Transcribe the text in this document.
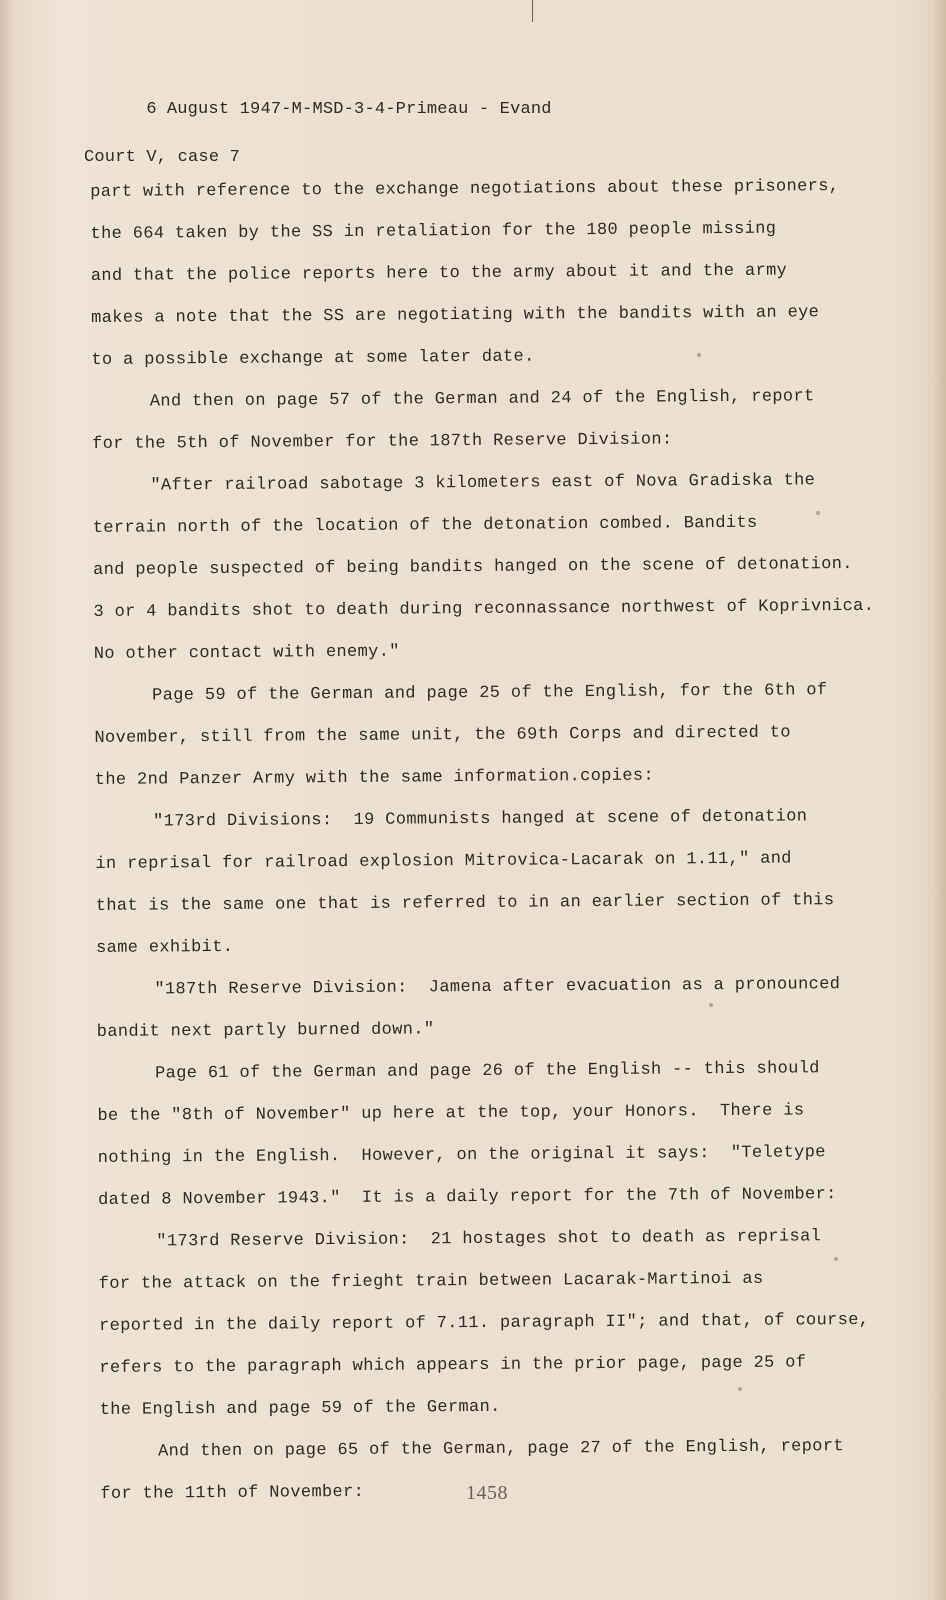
6 August 1947-M-MSD-3-4-Primeau - Evand

Court V, case 7
part with reference to the exchange negotiations about these prisoners,
the 664 taken by the SS in retaliation for the 180 people missing
and that the police reports here to the army about it and the army
makes a note that the SS are negotiating with the bandits with an eye
to a possible exchange at some later date.
And then on page 57 of the German and 24 of the English, report
for the 5th of November for the 187th Reserve Division:
"After railroad sabotage 3 kilometers east of Nova Gradiska the
terrain north of the location of the detonation combed. Bandits
and people suspected of being bandits hanged on the scene of detonation.
3 or 4 bandits shot to death during reconnassance northwest of Koprivnica.
No other contact with enemy."
Page 59 of the German and page 25 of the English, for the 6th of
November, still from the same unit, the 69th Corps and directed to
the 2nd Panzer Army with the same information.copies:
"173rd Divisions:  19 Communists hanged at scene of detonation
in reprisal for railroad explosion Mitrovica-Lacarak on 1.11," and
that is the same one that is referred to in an earlier section of this
same exhibit.
"187th Reserve Division:  Jamena after evacuation as a pronounced
bandit next partly burned down."
Page 61 of the German and page 26 of the English -- this should
be the "8th of November" up here at the top, your Honors.  There is
nothing in the English.  However, on the original it says:  "Teletype
dated 8 November 1943."  It is a daily report for the 7th of November:
"173rd Reserve Division:  21 hostages shot to death as reprisal
for the attack on the frieght train between Lacarak-Martinoi as
reported in the daily report of 7.11. paragraph II"; and that, of course,
refers to the paragraph which appears in the prior page, page 25 of
the English and page 59 of the German.
And then on page 65 of the German, page 27 of the English, report
for the 11th of November:	1458
